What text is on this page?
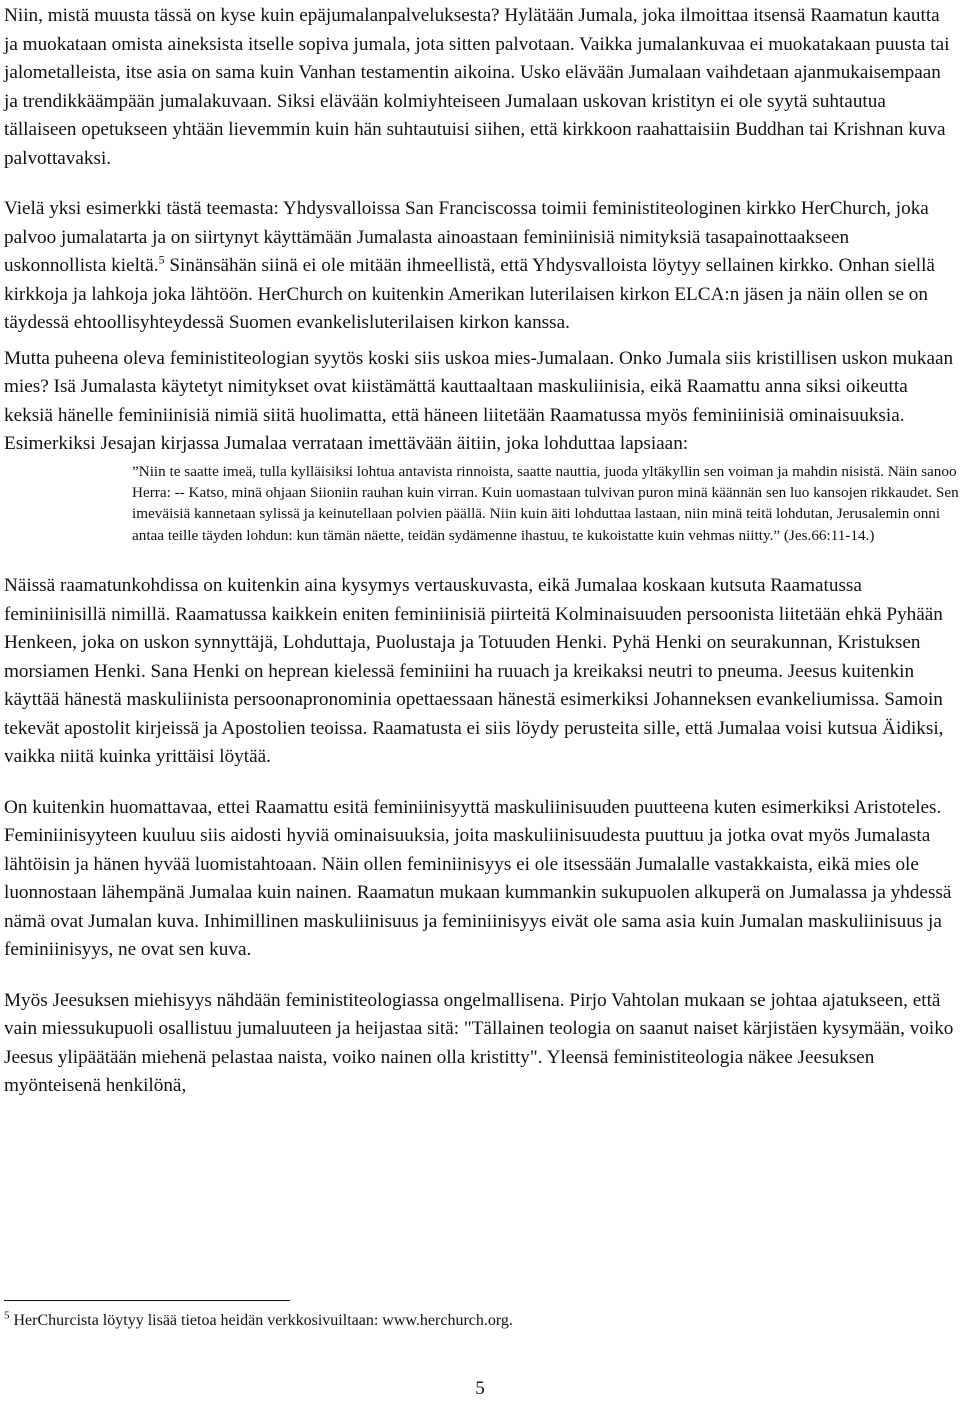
Niin, mistä muusta tässä on kyse kuin epäjumalanpalveluksesta? Hylätään Jumala, joka ilmoittaa itsensä Raamatun kautta ja muokataan omista aineksista itselle sopiva jumala, jota sitten palvotaan. Vaikka jumalankuvaa ei muokatakaan puusta tai jalometalleista, itse asia on sama kuin Vanhan testamentin aikoina. Usko elävään Jumalaan vaihdetaan ajanmukaisempaan ja trendikkäämpään jumalakuvaan. Siksi elävään kolmiyhteiseen Jumalaan uskovan kristityn ei ole syytä suhtautua tällaiseen opetukseen yhtään lievemmin kuin hän suhtautuisi siihen, että kirkkoon raahattaisiin Buddhan tai Krishnan kuva palvottavaksi.

Vielä yksi esimerkki tästä teemasta: Yhdysvalloissa San Franciscossa toimii feministiteologinen kirkko HerChurch, joka palvoo jumalatarta ja on siirtynyt käyttämään Jumalasta ainoastaan feminiinisiä nimityksiä tasapainottaakseen uskonnollista kieltä.$^5$ Sinänsähän siinä ei ole mitään ihmeellistä, että Yhdysvalloista löytyy sellainen kirkko. Onhan siellä kirkkoja ja lahkoja joka lähtöön. HerChurch on kuitenkin Amerikan luterilaisen kirkon ELCA:n jäsen ja näin ollen se on täydessä ehtoollisyhteydessä Suomen evankelisluterilaisen kirkon kanssa.

Mutta puheena oleva feministiteologian syytös koski siis uskoa mies-Jumalaan. Onko Jumala siis kristillisen uskon mukaan mies? Isä Jumalasta käytetyt nimitykset ovat kiistämättä kauttaaltaan maskuliinisia, eikä Raamattu anna siksi oikeutta keksiä hänelle feminiinisiä nimiä siitä huolimatta, että häneen liitetään Raamatussa myös feminiinisiä ominaisuuksia. Esimerkiksi Jesajan kirjassa Jumalaa verrataan imettävään äitiin, joka lohduttaa lapsiaan:

”Niin te saatte imeä, tulla kylläisiksi lohtua antavista rinnoista, saatte nauttia, juoda yltäkyllin sen voiman ja mahdin nisistä. Näin sanoo Herra: -- Katso, minä ohjaan Siioniin rauhan kuin virran. Kuin uomastaan tulvivan puron minä käännän sen luo kansojen rikkaudet. Sen imeväisiä kannetaan sylissä ja keinutellaan polvien päällä. Niin kuin äiti lohduttaa lastaan, niin minä teitä lohdutan, Jerusalemin onni antaa teille täyden lohdun: kun tämän näette, teidän sydämenne ihastuu, te kukoistatte kuin vehmas niitty.” (Jes.66:11-14.)

Näissä raamatunkohdissa on kuitenkin aina kysymys vertauskuvasta, eikä Jumalaa koskaan kutsuta Raamatussa feminiinisillä nimillä. Raamatussa kaikkein eniten feminiinisiä piirteitä Kolminaisuuden persoonista liitetään ehkä Pyhään Henkeen, joka on uskon synnyttäjä, Lohduttaja, Puolustaja ja Totuuden Henki. Pyhä Henki on seurakunnan, Kristuksen morsiamen Henki. Sana Henki on heprean kielessä feminiini ha ruuach ja kreikaksi neutri to pneuma. Jeesus kuitenkin käyttää hänestä maskuliinista persoonapronominia opettaessaan hänestä esimerkiksi Johanneksen evankeliumissa. Samoin tekevät apostolit kirjeissä ja Apostolien teoissa. Raamatusta ei siis löydy perusteita sille, että Jumalaa voisi kutsua Äidiksi, vaikka niitä kuinka yrittäisi löytää.

On kuitenkin huomattavaa, ettei Raamattu esitä feminiinisyyttä maskuliinisuuden puutteena kuten esimerkiksi Aristoteles. Feminiinisyyteen kuuluu siis aidosti hyviä ominaisuuksia, joita maskuliinisuudesta puuttuu ja jotka ovat myös Jumalasta lähtöisin ja hänen hyvää luomistahtoaan. Näin ollen feminiinisyys ei ole itsessään Jumalalle vastakkaista, eikä mies ole luonnostaan lähempänä Jumalaa kuin nainen. Raamatun mukaan kummankin sukupuolen alkuperä on Jumalassa ja yhdessä nämä ovat Jumalan kuva. Inhimillinen maskuliinisuus ja feminiinisyys eivät ole sama asia kuin Jumalan maskuliinisuus ja feminiinisyys, ne ovat sen kuva.

Myös Jeesuksen miehisyys nähdään feministiteologiassa ongelmallisena. Pirjo Vahtolan mukaan se johtaa ajatukseen, että vain miessukupuoli osallistuu jumaluuteen ja heijastaa sitä: "Tällainen teologia on saanut naiset kärjistäen kysymään, voiko Jeesus ylipäätään miehenä pelastaa naista, voiko nainen olla kristitty". Yleensä feministiteologia näkee Jeesuksen myönteisenä henkilönä,

$^5$ HerChurcista löytyy lisää tietoa heidän verkkosivuiltaan: www.herchurch.org.

5
